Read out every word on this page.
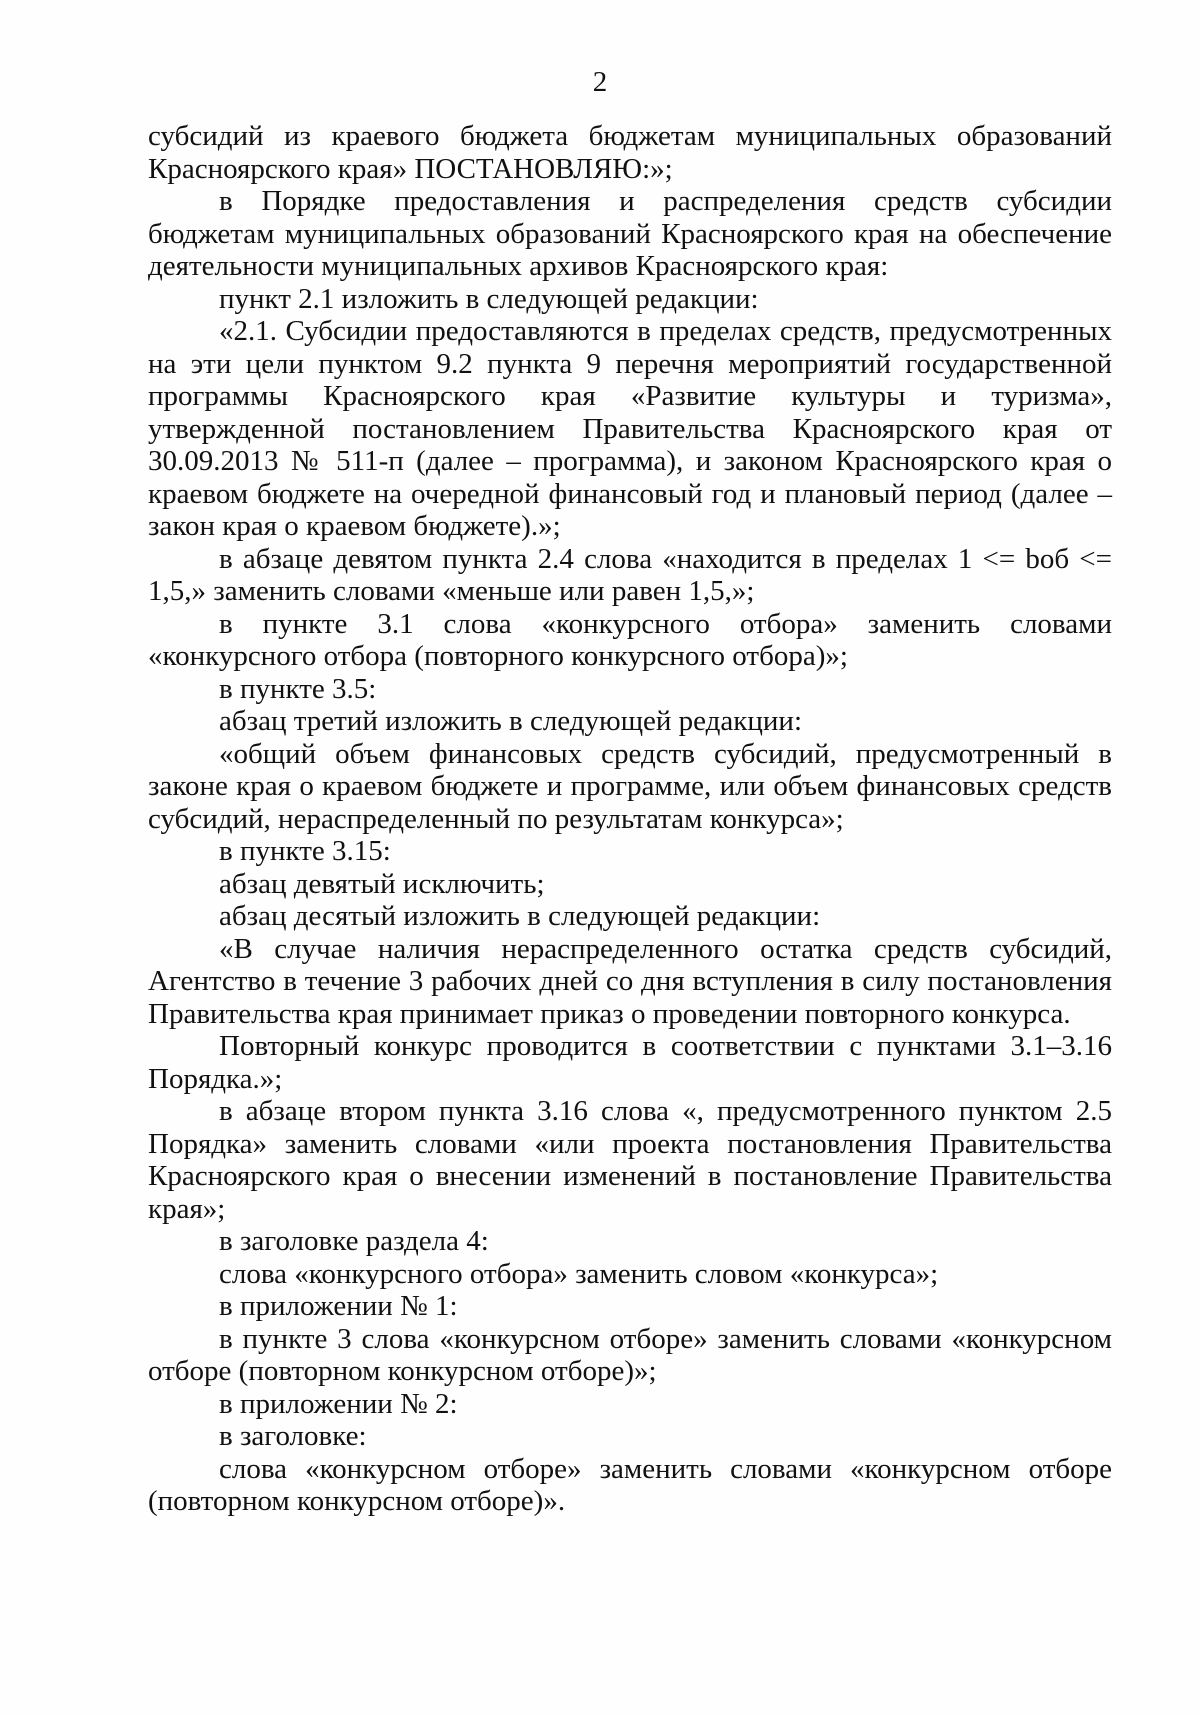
2

субсидий из краевого бюджета бюджетам муниципальных образований Красноярского края» ПОСТАНОВЛЯЮ:»;

в Порядке предоставления и распределения средств субсидии бюджетам муниципальных образований Красноярского края на обеспечение деятельности муниципальных архивов Красноярского края:

пункт 2.1 изложить в следующей редакции:

«2.1. Субсидии предоставляются в пределах средств, предусмотренных на эти цели пунктом 9.2 пункта 9 перечня мероприятий государственной программы Красноярского края «Развитие культуры и туризма», утвержденной постановлением Правительства Красноярского края от 30.09.2013 № 511-п (далее – программа), и законом Красноярского края о краевом бюджете на очередной финансовый год и плановый период (далее – закон края о краевом бюджете).»;

в абзаце девятом пункта 2.4 слова «находится в пределах 1 <= bоб <= 1,5,» заменить словами «меньше или равен 1,5,»;

в пункте 3.1 слова «конкурсного отбора» заменить словами «конкурсного отбора (повторного конкурсного отбора)»;

в пункте 3.5:

абзац третий изложить в следующей редакции:

«общий объем финансовых средств субсидий, предусмотренный в законе края о краевом бюджете и программе, или объем финансовых средств субсидий, нераспределенный по результатам конкурса»;

в пункте 3.15:

абзац девятый исключить;

абзац десятый изложить в следующей редакции:

«В случае наличия нераспределенного остатка средств субсидий, Агентство в течение 3 рабочих дней со дня вступления в силу постановления Правительства края принимает приказ о проведении повторного конкурса.

Повторный конкурс проводится в соответствии с пунктами 3.1–3.16 Порядка.»;

в абзаце втором пункта 3.16 слова «, предусмотренного пунктом 2.5 Порядка» заменить словами «или проекта постановления Правительства Красноярского края о внесении изменений в постановление Правительства края»;

в заголовке раздела 4:

слова «конкурсного отбора» заменить словом «конкурса»;

в приложении № 1:

в пункте 3 слова «конкурсном отборе» заменить словами «конкурсном отборе (повторном конкурсном отборе)»;

в приложении № 2:

в заголовке:

слова «конкурсном отборе» заменить словами «конкурсном отборе (повторном конкурсном отборе)».
